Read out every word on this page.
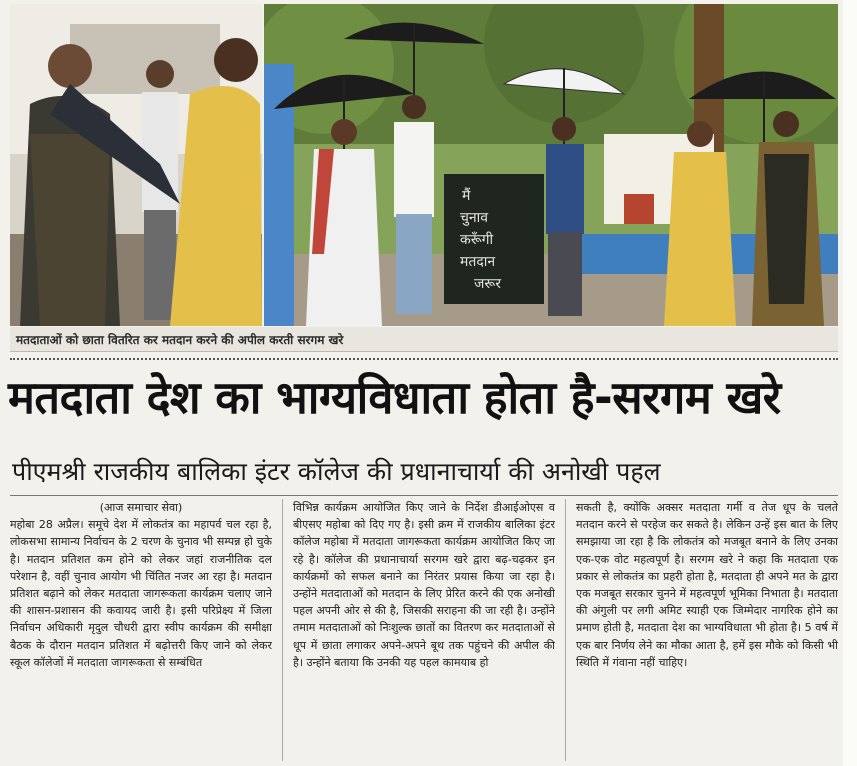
मैं
चुनाव
करूँगी
मतदान
जरूर
मतदाताओं को छाता वितरित कर मतदान करने की अपील करती सरगम खरे
मतदाता देश का भाग्यविधाता होता है-सरगम खरे
पीएमश्री राजकीय बालिका इंटर कॉलेज की प्रधानाचार्या की अनोखी पहल
(आज समाचार सेवा)
महोबा 28 अप्रैल। समूचे देश में लोकतंत्र का महापर्व चल रहा है, लोकसभा सामान्य निर्वाचन के 2 चरण के चुनाव भी सम्पन्न हो चुके है। मतदान प्रतिशत कम होने को लेकर जहां राजनीतिक दल परेशान है, वहीं चुनाव आयोग भी चिंतित नजर आ रहा है। मतदान प्रतिशत बढ़ाने को लेकर मतदाता जागरूकता कार्यक्रम चलाए जाने की शासन-प्रशासन की कवायद जारी है। इसी परिप्रेक्ष्य में जिला निर्वाचन अधिकारी मृदुल चौधरी द्वारा स्वीप कार्यक्रम की समीक्षा बैठक के दौरान मतदान प्रतिशत में बढ़ोत्तरी किए जाने को लेकर स्कूल कॉलेजों में मतदाता जागरूकता से सम्बंधित
विभिन्न कार्यक्रम आयोजित किए जाने के निर्देश डीआईओएस व बीएसए महोबा को दिए गए है। इसी क्रम में राजकीय बालिका इंटर कॉलेज महोबा में मतदाता जागरूकता कार्यक्रम आयोजित किए जा रहे है। कॉलेज की प्रधानाचार्या सरगम खरे द्वारा बढ़-चढ़कर इन कार्यक्रमों को सफल बनाने का निरंतर प्रयास किया जा रहा है। उन्होंने मतदाताओं को मतदान के लिए प्रेरित करने की एक अनोखी पहल अपनी ओर से की है, जिसकी सराहना की जा रही है। उन्होंने तमाम मतदाताओं को निःशुल्क छातों का वितरण कर मतदाताओं से धूप में छाता लगाकर अपने-अपने बूथ तक पहुंचने की अपील की है। उन्होंने बताया कि उनकी यह पहल कामयाब हो
सकती है, क्योंकि अक्सर मतदाता गर्मी व तेज धूप के चलते मतदान करने से परहेज कर सकते है। लेकिन उन्हें इस बात के लिए समझाया जा रहा है कि लोकतंत्र को मजबूत बनाने के लिए उनका एक-एक वोट महत्वपूर्ण है। सरगम खरे ने कहा कि मतदाता एक प्रकार से लोकतंत्र का प्रहरी होता है, मतदाता ही अपने मत के द्वारा एक मजबूत सरकार चुनने में महत्वपूर्ण भूमिका निभाता है। मतदाता की अंगुली पर लगी अमिट स्याही एक जिम्मेदार नागरिक होने का प्रमाण होती है, मतदाता देश का भाग्यविधाता भी होता है। 5 वर्ष में एक बार निर्णय लेने का मौका आता है, हमें इस मौके को किसी भी स्थिति में गंवाना नहीं चाहिए।
